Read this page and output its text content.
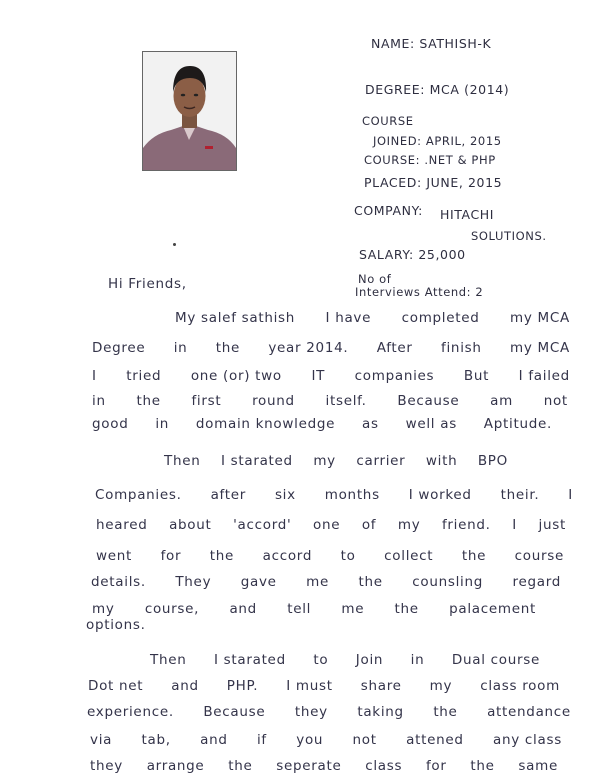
NAME: SATHISH-K
DEGREE: MCA (2014)
COURSE
JOINED: APRIL, 2015
COURSE: .NET & PHP
PLACED: JUNE, 2015
COMPANY: HITACHI
SOLUTIONS.
SALARY: 25,000
No of
Interviews Attend: 2
Hi Friends,
My salef sathish I have completed my MCA
Degree in the year 2014. After finish my MCA
I tried one (or) two IT companies But I failed
in the first round itself. Because am not
good in domain knowledge as well as Aptitude.
Then I starated my carrier with BPO
Companies. after six months I worked their. I
heared about 'accord' one of my friend. I just
went for the accord to collect the course
details. They gave me the counsling regard
my course, and tell me the palacement
options.
Then I starated to Join in Dual course
Dot net and PHP. I must share my class room
experience. Because they taking the attendance
via tab, and if you not attened any class
they arrange the seperate class for the same
